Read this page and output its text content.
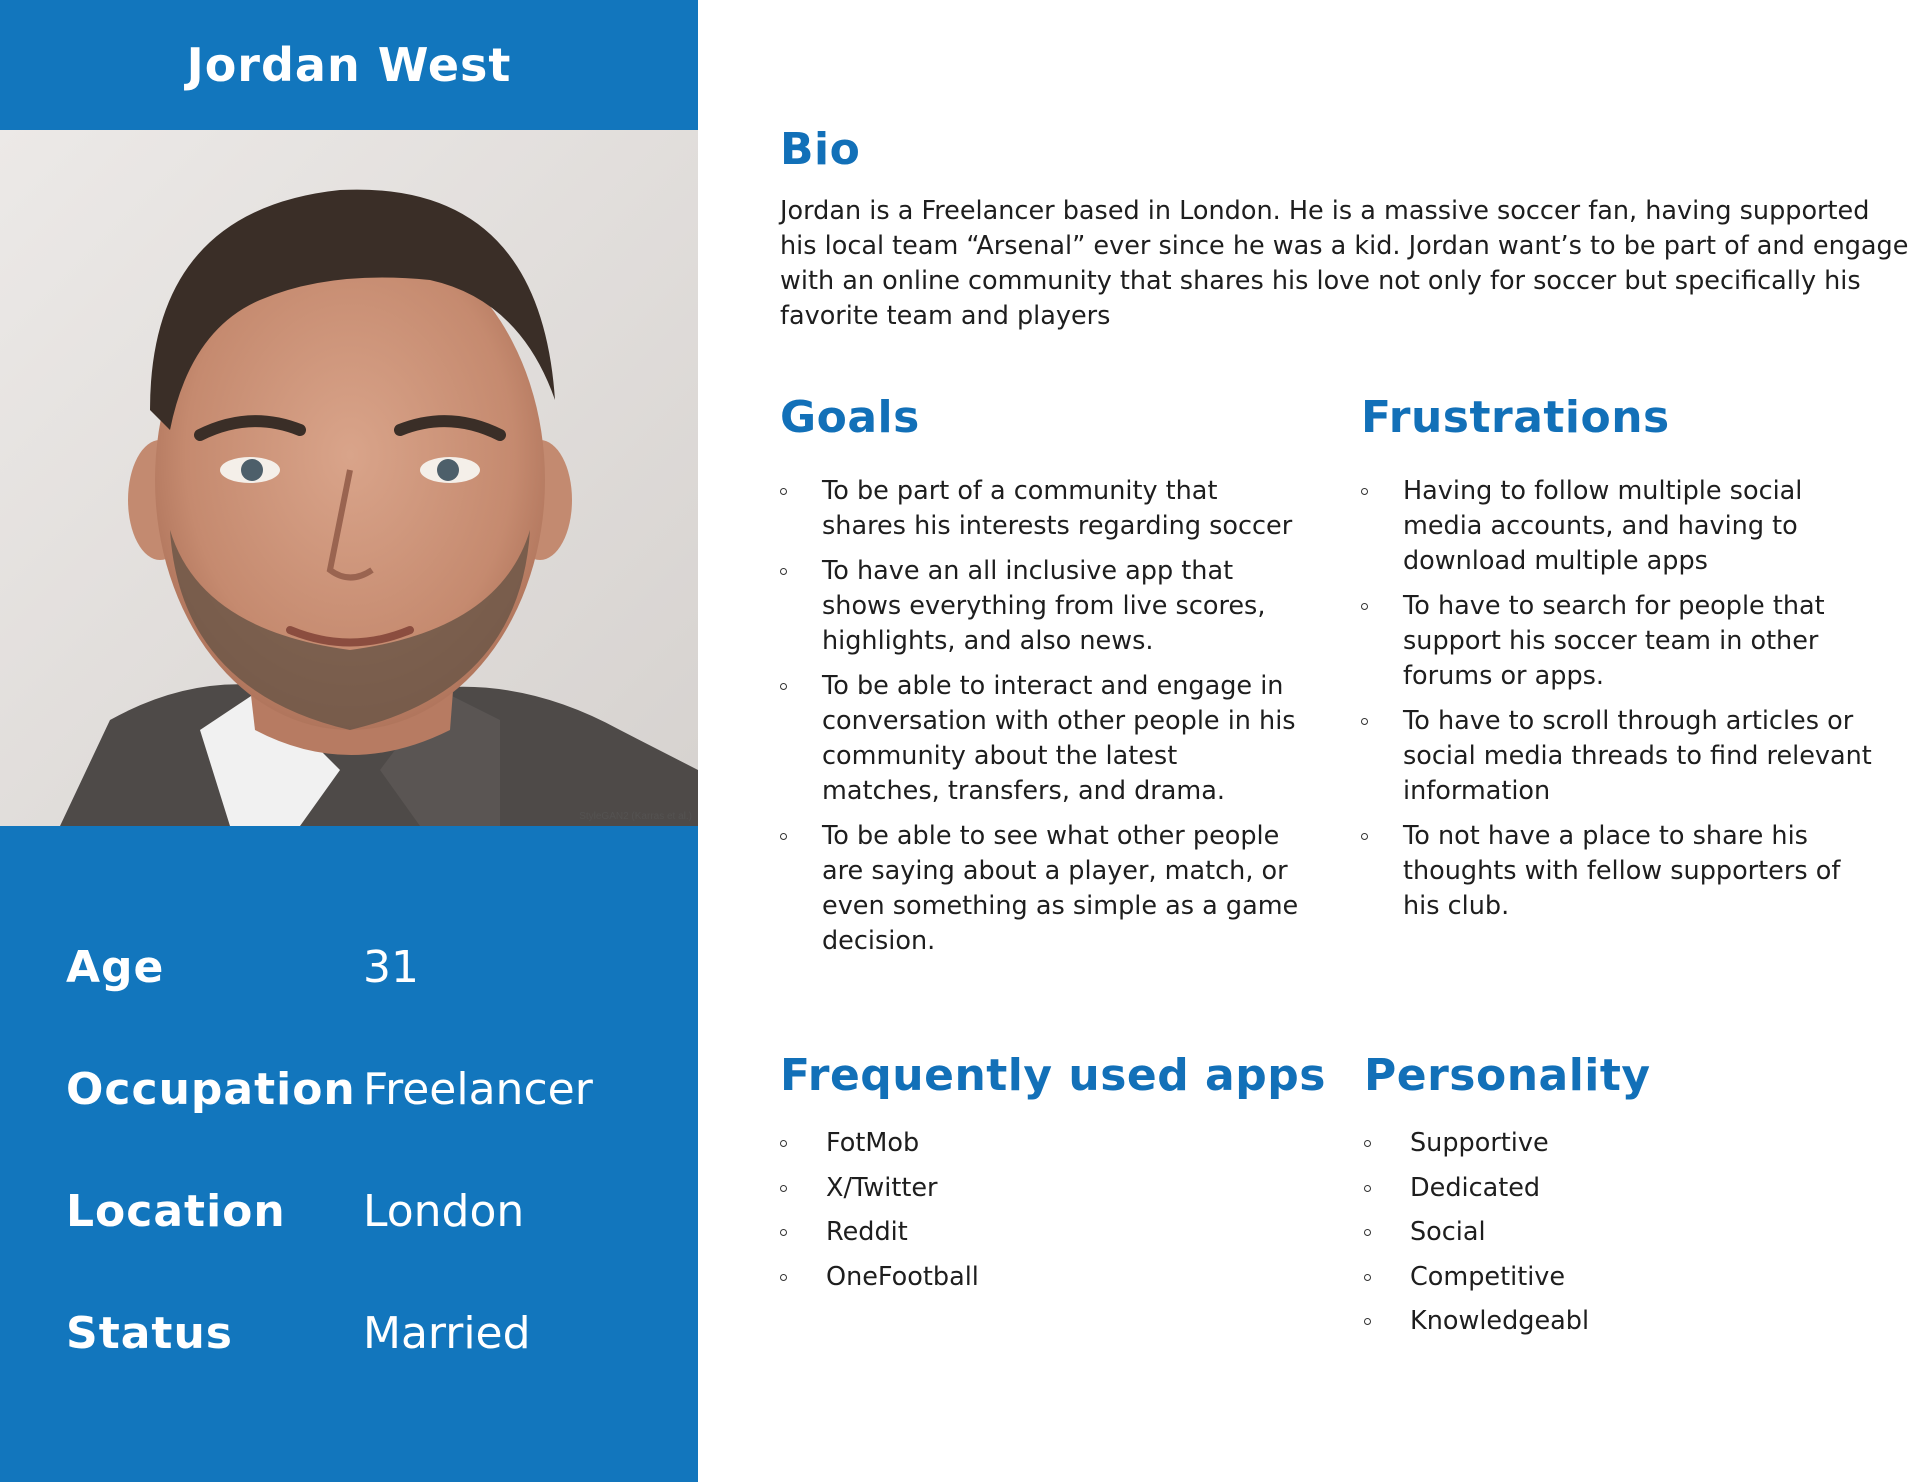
Jordan West
StyleGAN2 (Karras et al.)
Age	31
Occupation Freelancer
Location London
Status	Married
Bio
Jordan is a Freelancer based in London. He is a massive soccer fan, having supported his local team “Arsenal” ever since he was a kid. Jordan want’s to be part of and engage with an online community that shares his love not only for soccer but specifically his favorite team and players
Goals
To be part of a community that shares his interests regarding soccer
To have an all inclusive app that shows everything from live scores, highlights, and also news.
To be able to interact and engage in conversation with other people in his community about the latest matches, transfers, and drama.
To be able to see what other people are saying about a player, match, or even something as simple as a game decision.
Frustrations
Having to follow multiple social media accounts, and having to download multiple apps
To have to search for people that support his soccer team in other forums or apps.
To have to scroll through articles or social media threads to find relevant information
To not have a place to share his thoughts with fellow supporters of his club.
Frequently used apps
FotMob
X/Twitter
Reddit
OneFootball
Personality
Supportive
Dedicated
Social
Competitive
Knowledgeabl
